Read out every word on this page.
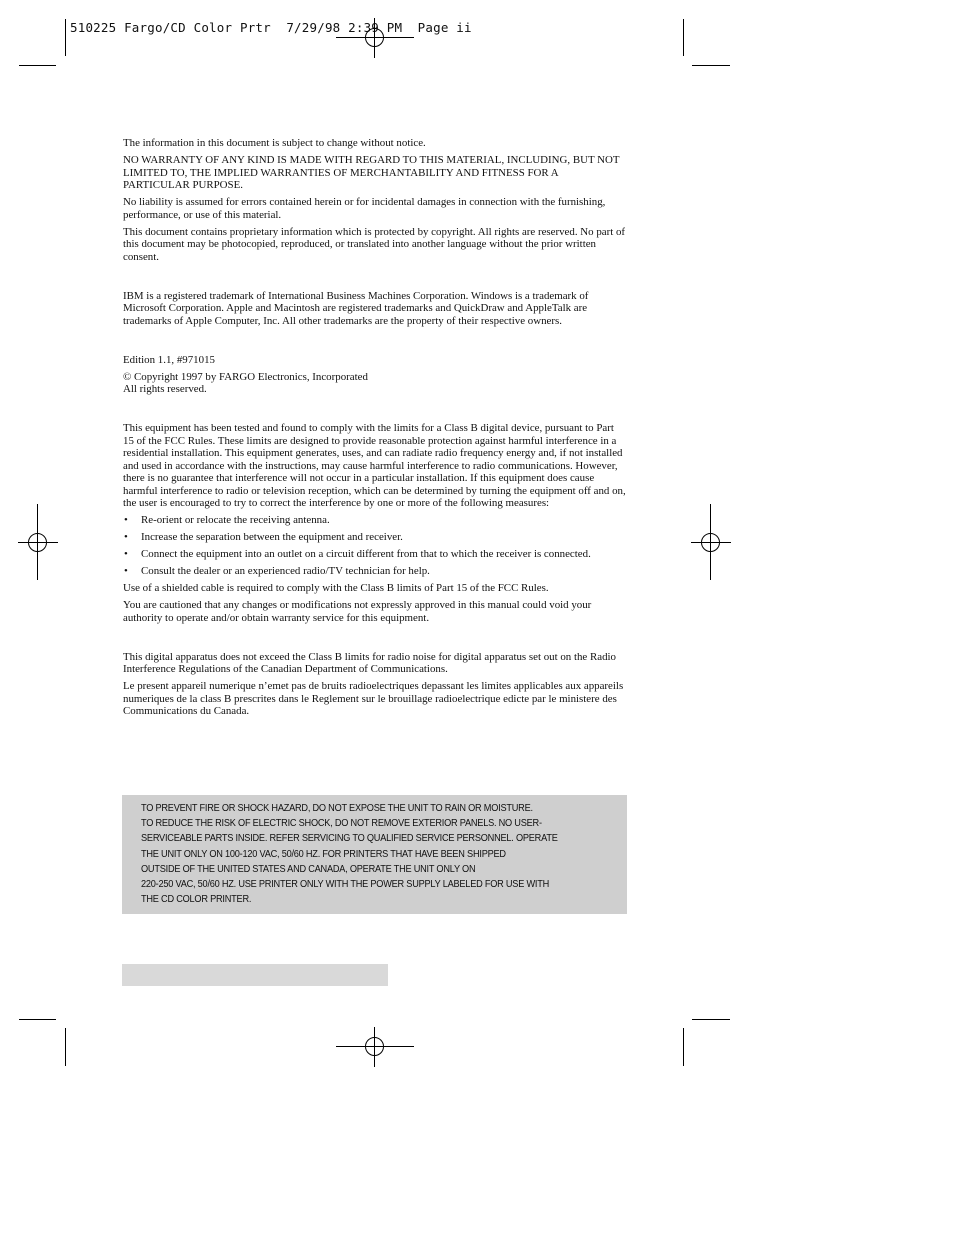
510225 Fargo/CD Color Prtr  7/29/98 2:39 PM  Page ii

The information in this document is subject to change without notice.

NO WARRANTY OF ANY KIND IS MADE WITH REGARD TO THIS MATERIAL, INCLUDING, BUT NOT LIMITED TO, THE IMPLIED WARRANTIES OF MERCHANTABILITY AND FITNESS FOR A PARTICULAR PURPOSE.

No liability is assumed for errors contained herein or for incidental damages in connection with the furnishing, performance, or use of this material.

This document contains proprietary information which is protected by copyright. All rights are reserved. No part of this document may be photocopied, reproduced, or translated into another language without the prior written consent.

IBM is a registered trademark of International Business Machines Corporation. Windows is a trademark of Microsoft Corporation. Apple and Macintosh are registered trademarks and QuickDraw and AppleTalk are trademarks of Apple Computer, Inc. All other trademarks are the property of their respective owners.

Edition 1.1, #971015

© Copyright 1997 by FARGO Electronics, Incorporated
All rights reserved.

This equipment has been tested and found to comply with the limits for a Class B digital device, pursuant to Part 15 of the FCC Rules. These limits are designed to provide reasonable protection against harmful interference in a residential installation. This equipment generates, uses, and can radiate radio frequency energy and, if not installed and used in accordance with the instructions, may cause harmful interference to radio communications. However, there is no guarantee that interference will not occur in a particular installation. If this equipment does cause harmful interference to radio or television reception, which can be determined by turning the equipment off and on, the user is encouraged to try to correct the interference by one or more of the following measures:

• Re-orient or relocate the receiving antenna.
• Increase the separation between the equipment and receiver.
• Connect the equipment into an outlet on a circuit different from that to which the receiver is connected.
• Consult the dealer or an experienced radio/TV technician for help.

Use of a shielded cable is required to comply with the Class B limits of Part 15 of the FCC Rules.

You are cautioned that any changes or modifications not expressly approved in this manual could void your authority to operate and/or obtain warranty service for this equipment.

This digital apparatus does not exceed the Class B limits for radio noise for digital apparatus set out on the Radio Interference Regulations of the Canadian Department of Communications.

Le present appareil numerique n’emet pas de bruits radioelectriques depassant les limites applicables aux appareils numeriques de la class B prescrites dans le Reglement sur le brouillage radioelectrique edicte par le ministere des Communications du Canada.

TO PREVENT FIRE OR SHOCK HAZARD, DO NOT EXPOSE THE UNIT TO RAIN OR MOISTURE.
TO REDUCE THE RISK OF ELECTRIC SHOCK, DO NOT REMOVE EXTERIOR PANELS. NO USER-
SERVICEABLE PARTS INSIDE. REFER SERVICING TO QUALIFIED SERVICE PERSONNEL. OPERATE
THE UNIT ONLY ON 100-120 VAC, 50/60 HZ. FOR PRINTERS THAT HAVE BEEN SHIPPED
OUTSIDE OF THE UNITED STATES AND CANADA, OPERATE THE UNIT ONLY ON
220-250 VAC, 50/60 HZ. USE PRINTER ONLY WITH THE POWER SUPPLY LABELED FOR USE WITH
THE CD COLOR PRINTER.
